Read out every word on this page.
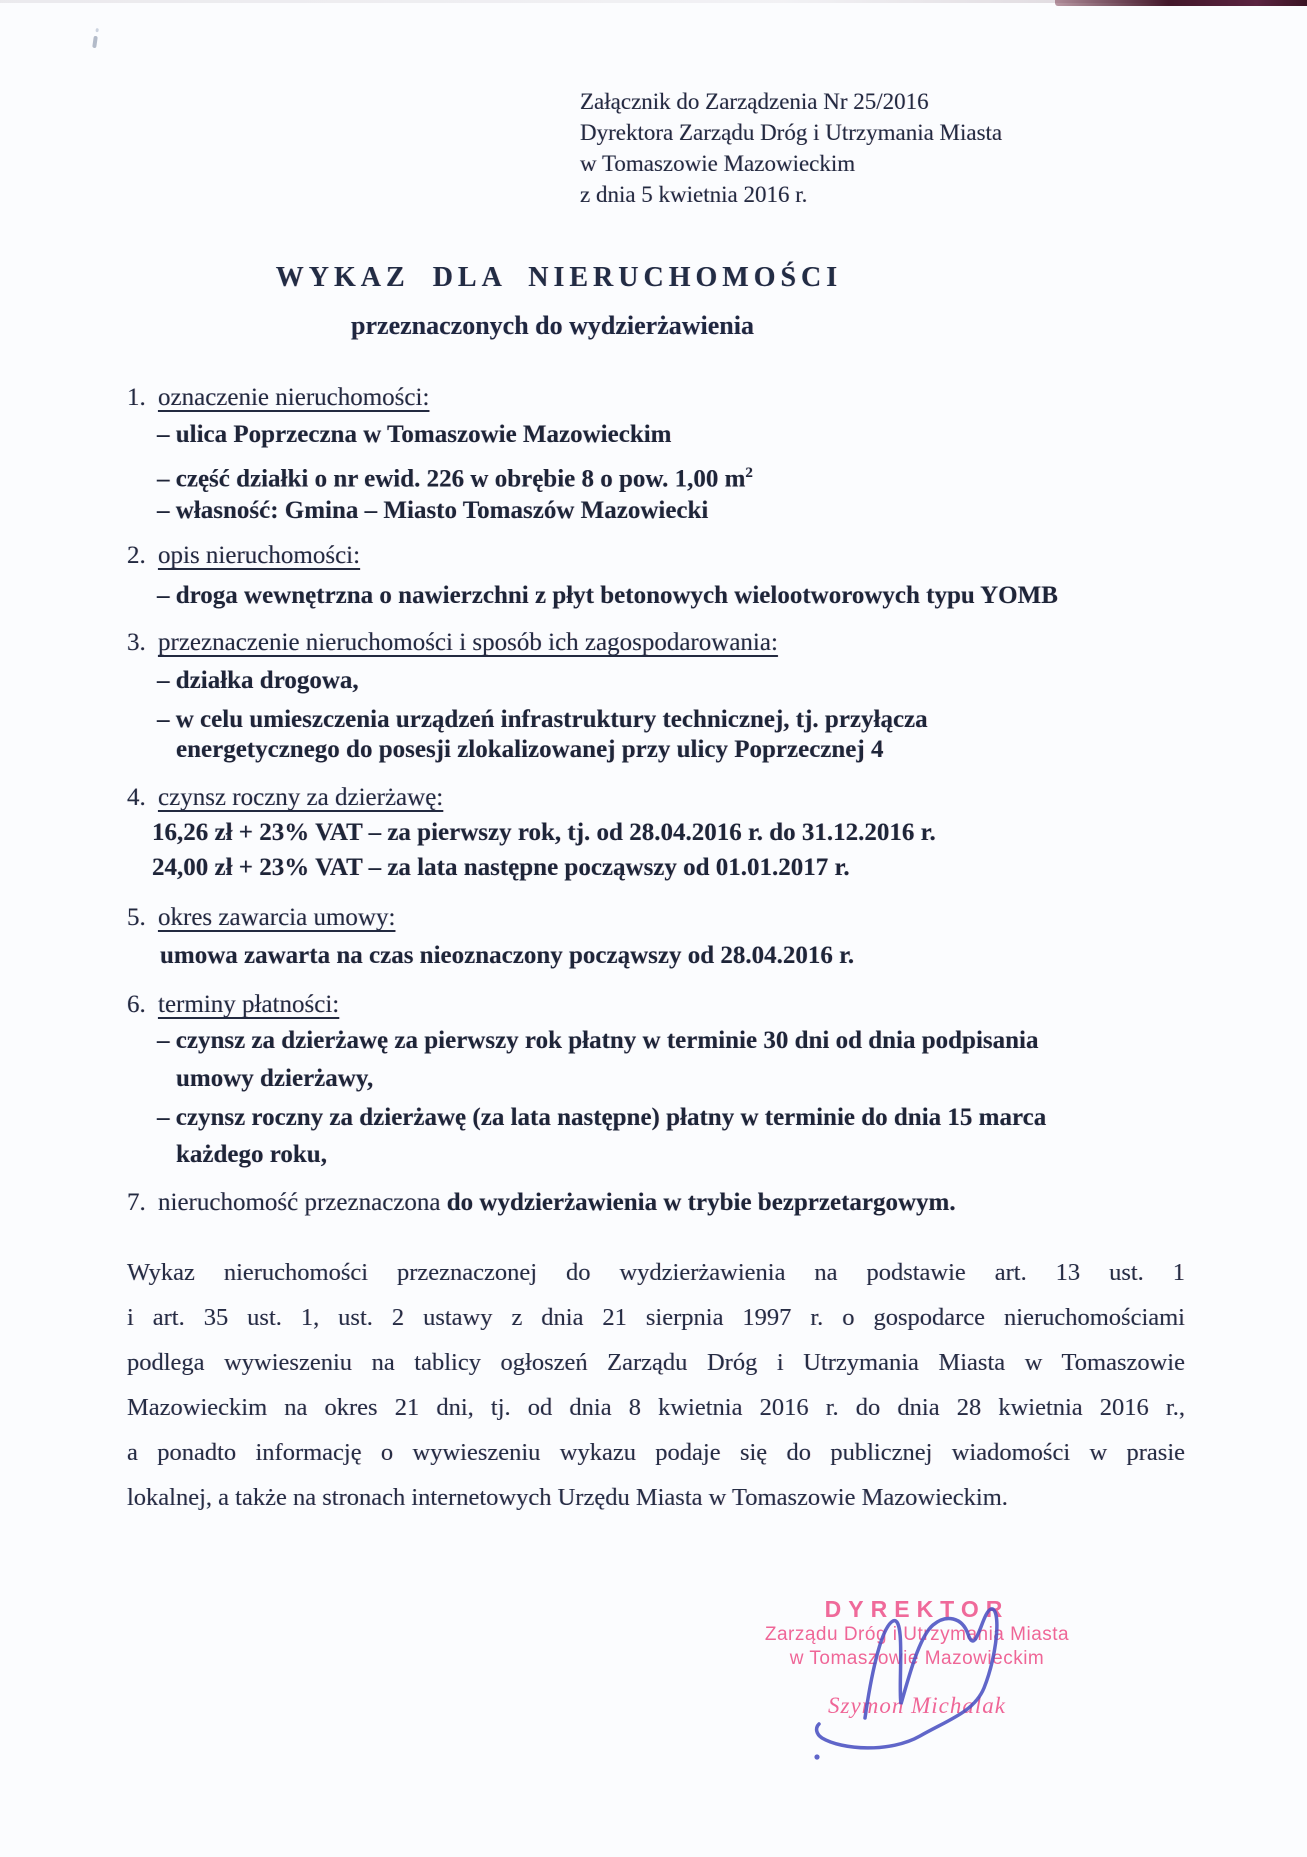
Załącznik do Zarządzenia Nr 25/2016
Dyrektora Zarządu Dróg i Utrzymania Miasta
w Tomaszowie Mazowieckim
z dnia 5 kwietnia 2016 r.
WYKAZ DLA NIERUCHOMOŚCI
przeznaczonych do wydzierżawienia
1. oznaczenie nieruchomości:
– ulica Poprzeczna w Tomaszowie Mazowieckim
– część działki o nr ewid. 226 w obrębie 8 o pow. 1,00 $m^2$
– własność: Gmina – Miasto Tomaszów Mazowiecki
2. opis nieruchomości:
– droga wewnętrzna o nawierzchni z płyt betonowych wielootworowych typu YOMB
3. przeznaczenie nieruchomości i sposób ich zagospodarowania:
– działka drogowa,
– w celu umieszczenia urządzeń infrastruktury technicznej, tj. przyłącza
energetycznego do posesji zlokalizowanej przy ulicy Poprzecznej 4
4. czynsz roczny za dzierżawę:
16,26 zł + 23% VAT – za pierwszy rok, tj. od 28.04.2016 r. do 31.12.2016 r.
24,00 zł + 23% VAT – za lata następne począwszy od 01.01.2017 r.
5. okres zawarcia umowy:
umowa zawarta na czas nieoznaczony począwszy od 28.04.2016 r.
6. terminy płatności:
– czynsz za dzierżawę za pierwszy rok płatny w terminie 30 dni od dnia podpisania
umowy dzierżawy,
– czynsz roczny za dzierżawę (za lata następne) płatny w terminie do dnia 15 marca
każdego roku,
7. nieruchomość przeznaczona do wydzierżawienia w trybie bezprzetargowym.
Wykaz nieruchomości przeznaczonej do wydzierżawienia na podstawie art. 13 ust. 1
i art. 35 ust. 1, ust. 2 ustawy z dnia 21 sierpnia 1997 r. o gospodarce nieruchomościami
podlega wywieszeniu na tablicy ogłoszeń Zarządu Dróg i Utrzymania Miasta w Tomaszowie
Mazowieckim na okres 21 dni, tj. od dnia 8 kwietnia 2016 r. do dnia 28 kwietnia 2016 r.,
a ponadto informację o wywieszeniu wykazu podaje się do publicznej wiadomości w prasie
lokalnej, a także na stronach internetowych Urzędu Miasta w Tomaszowie Mazowieckim.
DYREKTOR
Zarządu Dróg i Utrzymania Miasta
w Tomaszowie Mazowieckim
Szymon Michalak
